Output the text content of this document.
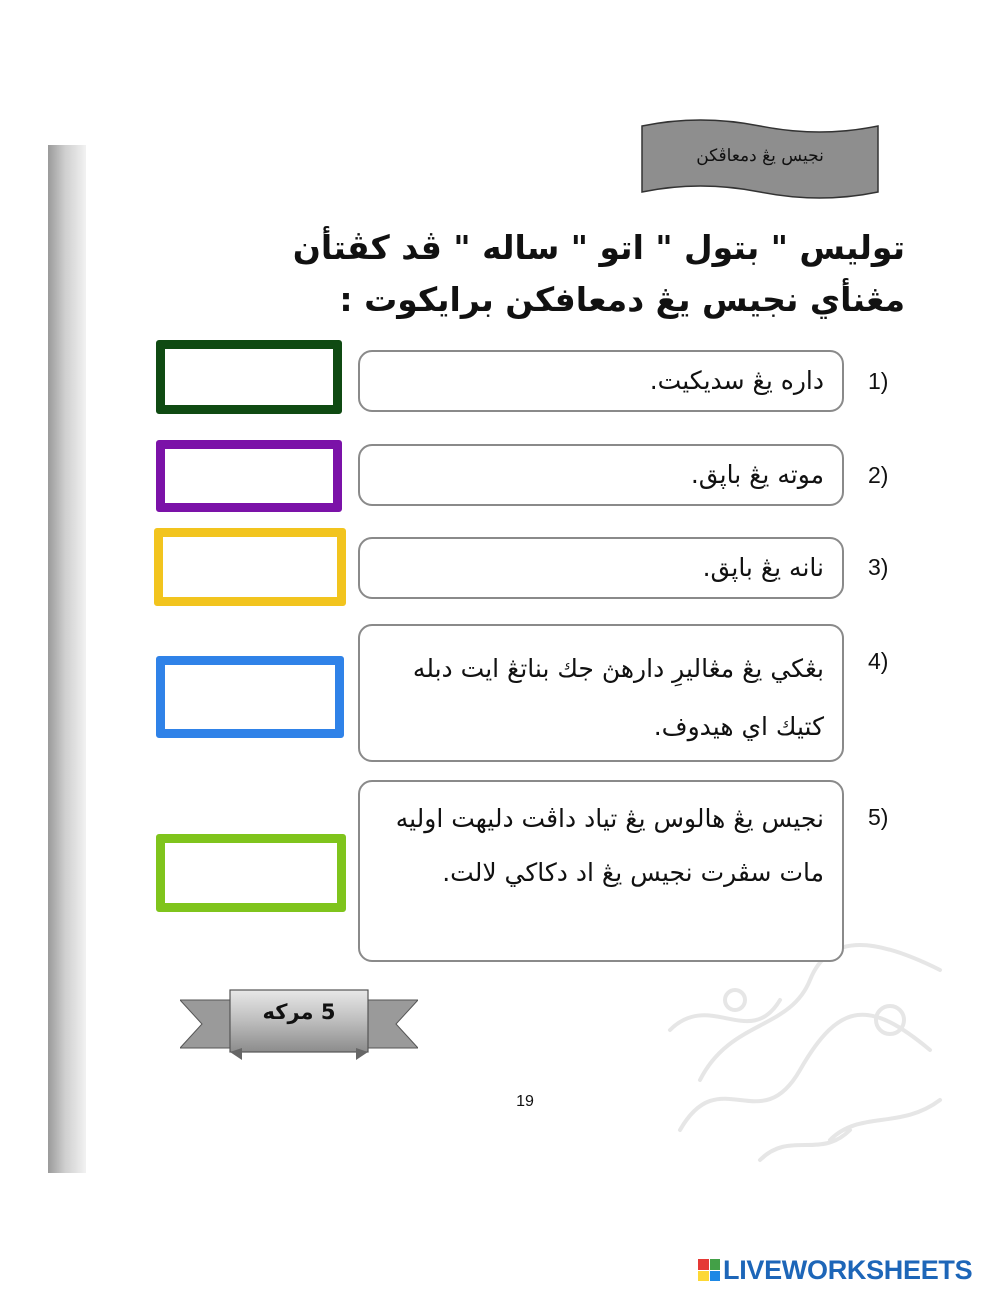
نجيس يڠ دمعاڤكن
توليس " بتول " اتو " ساله " ڤد كڤتأن مڠنأي نجيس يڠ دمعافكن برايكوت :
داره يڠ سديكيت. 1)
موته يڠ باڽق. 2)
نانه يڠ باڽق. 3)
بڠكي يڠ مڠاليرِ دارهڽ جك بناتڠ ايت دبله كتيك اي هيدوف.
4)
نجيس يڠ هالوس يڠ تياد داڤت دليهت اوليه مات سڤرت نجيس يڠ اد دكاكي لالت.
5)
5 مركه
19
LIVEWORKSHEETS
